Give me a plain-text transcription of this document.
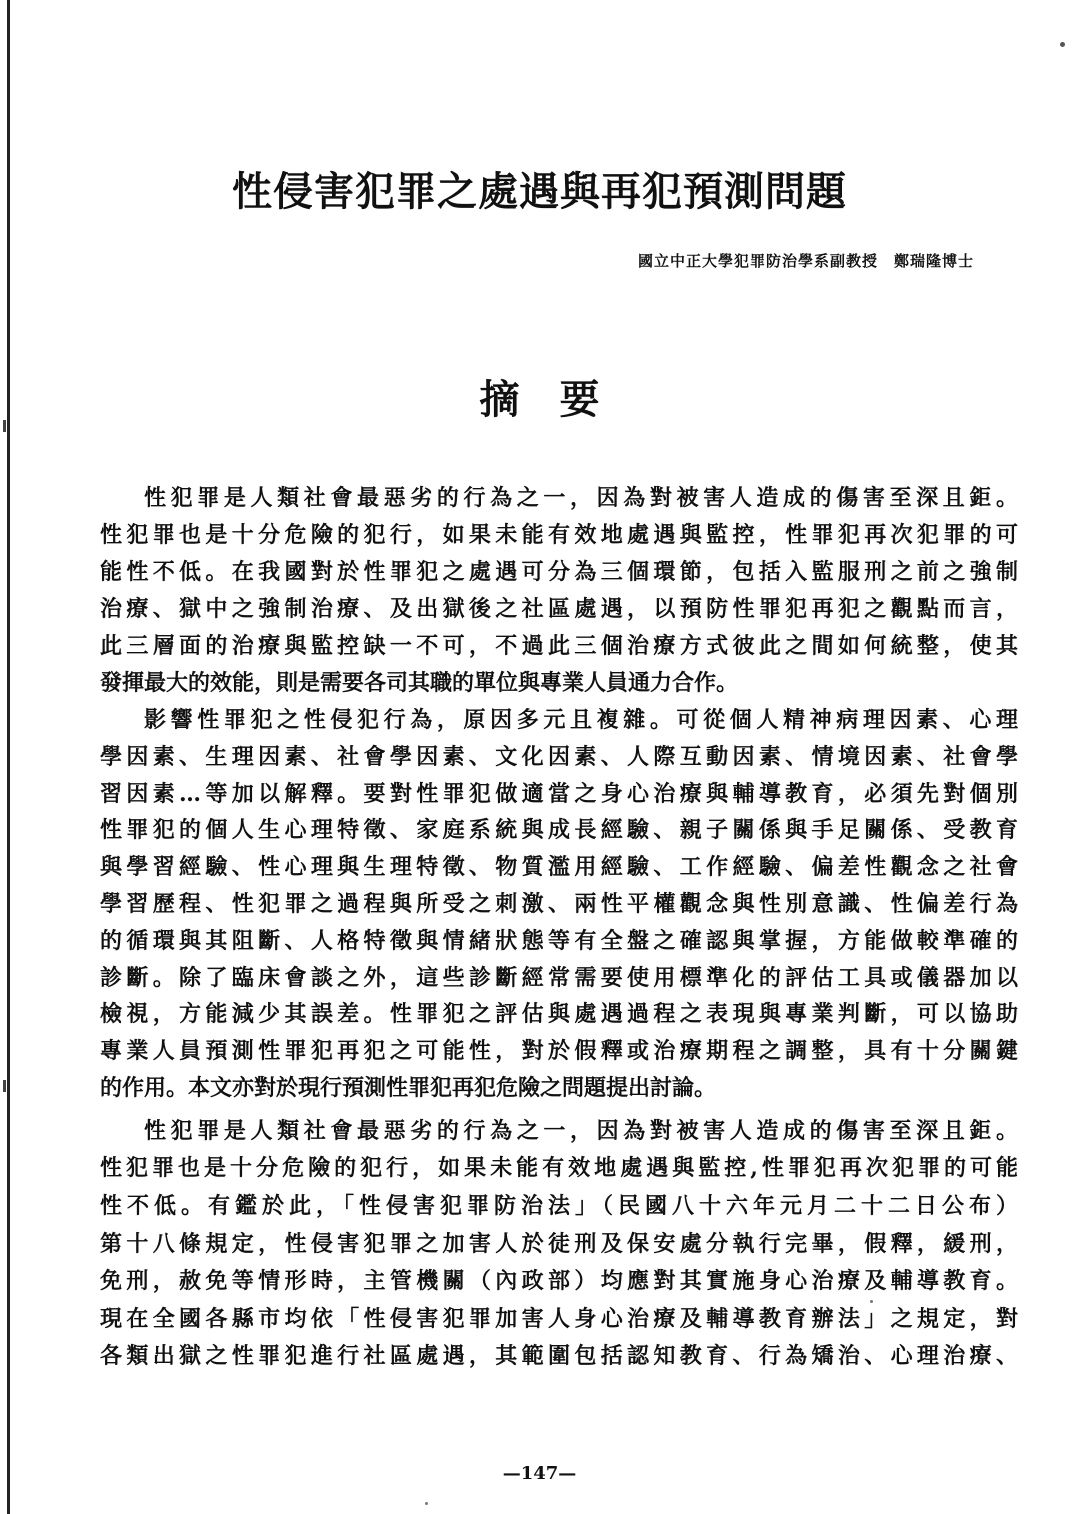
性侵害犯罪之處遇與再犯預測問題
國立中正大學犯罪防治學系副教授　鄭瑞隆博士
摘要
性犯罪是人類社會最惡劣的行為之一，因為對被害人造成的傷害至深且鉅。
性犯罪也是十分危險的犯行，如果未能有效地處遇與監控，性罪犯再次犯罪的可
能性不低。在我國對於性罪犯之處遇可分為三個環節，包括入監服刑之前之強制
治療、獄中之強制治療、及出獄後之社區處遇，以預防性罪犯再犯之觀點而言，
此三層面的治療與監控缺一不可，不過此三個治療方式彼此之間如何統整，使其
發揮最大的效能，則是需要各司其職的單位與專業人員通力合作。
影響性罪犯之性侵犯行為，原因多元且複雜。可從個人精神病理因素、心理
學因素、生理因素、社會學因素、文化因素、人際互動因素、情境因素、社會學
習因素…等加以解釋。要對性罪犯做適當之身心治療與輔導教育，必須先對個別
性罪犯的個人生心理特徵、家庭系統與成長經驗、親子關係與手足關係、受教育
與學習經驗、性心理與生理特徵、物質濫用經驗、工作經驗、偏差性觀念之社會
學習歷程、性犯罪之過程與所受之刺激、兩性平權觀念與性別意識、性偏差行為
的循環與其阻斷、人格特徵與情緒狀態等有全盤之確認與掌握，方能做較準確的
診斷。除了臨床會談之外，這些診斷經常需要使用標準化的評估工具或儀器加以
檢視，方能減少其誤差。性罪犯之評估與處遇過程之表現與專業判斷，可以協助
專業人員預測性罪犯再犯之可能性，對於假釋或治療期程之調整，具有十分關鍵
的作用。本文亦對於現行預測性罪犯再犯危險之問題提出討論。
性犯罪是人類社會最惡劣的行為之一，因為對被害人造成的傷害至深且鉅。
性犯罪也是十分危險的犯行，如果未能有效地處遇與監控,性罪犯再次犯罪的可能
性不低。有鑑於此，「性侵害犯罪防治法」（民國八十六年元月二十二日公布）
第十八條規定，性侵害犯罪之加害人於徒刑及保安處分執行完畢，假釋，緩刑，
免刑，赦免等情形時，主管機關（內政部）均應對其實施身心治療及輔導教育。
現在全國各縣市均依「性侵害犯罪加害人身心治療及輔導教育辦法」之規定，對
各類出獄之性罪犯進行社區處遇，其範圍包括認知教育、行為矯治、心理治療、
—147—
